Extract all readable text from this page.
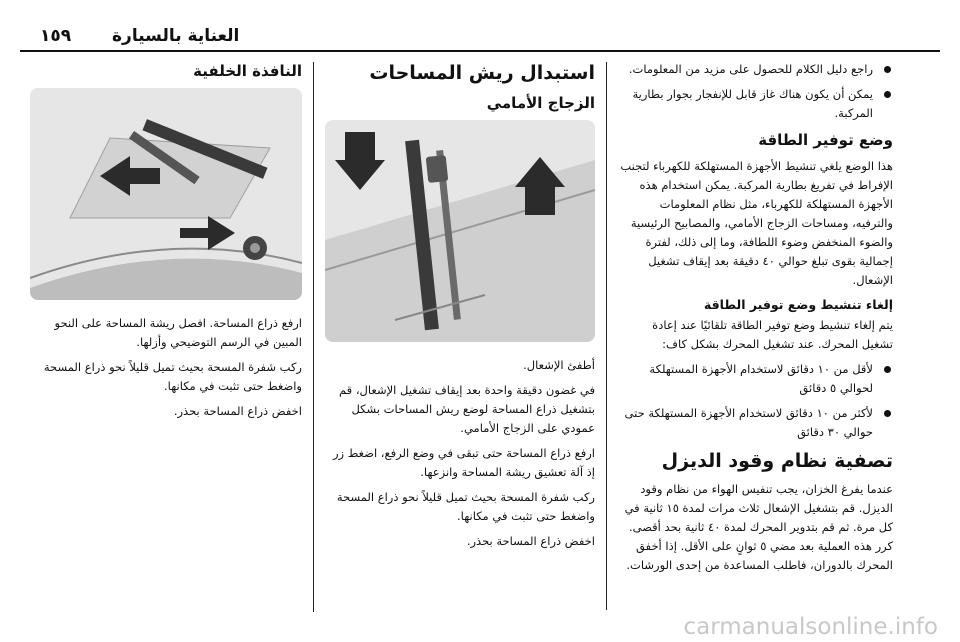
١٥٩ العناية بالسيارة
راجع دليل الكلام للحصول على مزيد من المعلومات.
يمكن أن يكون هناك غاز قابل للإنفجار بجوار بطارية المركبة.
وضع توفير الطاقة

هذا الوضع يلغي تنشيط الأجهزة المستهلكة للكهرباء لتجنب الإفراط في تفريغ بطارية المركبة. يمكن استخدام هذه الأجهزة المستهلكة للكهرباء، مثل نظام المعلومات والترفيه، ومساحات الزجاج الأمامي، والمصابيح الرئيسية والضوء المنخفض وضوء اللطافة، وما إلى ذلك، لفترة إجمالية بقوى تبلغ حوالي ٤٠ دقيقة بعد إيقاف تشغيل الإشعال.

إلغاء تنشيط وضع توفير الطاقة

يتم إلغاء تنشيط وضع توفير الطاقة تلقائيًا عند إعادة تشغيل المحرك. عند تشغيل المحرك بشكل كاف:

لأقل من ١٠ دقائق لاستخدام الأجهزة المستهلكة لحوالي ٥ دقائق
لأكثر من ١٠ دقائق لاستخدام الأجهزة المستهلكة حتى حوالي ٣٠ دقائق
تصفية نظام وقود الديزل

عندما يفرغ الخزان، يجب تنفيس الهواء من نظام وقود الديزل. قم بتشغيل الإشعال ثلاث مرات لمدة ١٥ ثانية في كل مرة. ثم قم بتدوير المحرك لمدة ٤٠ ثانية بحد أقصى. كرر هذه العملية بعد مضي ٥ ثوانٍ على الأقل. إذا أخفق المحرك بالدوران، فاطلب المساعدة من إحدى الورشات.

استبدال ريش المساحات
الزجاج الأمامي

أطفئ الإشعال.

في غضون دقيقة واحدة بعد إيقاف تشغيل الإشعال، قم بتشغيل ذراع المساحة لوضع ريش المساحات بشكل عمودي على الزجاج الأمامي.

ارفع ذراع المساحة حتى تبقى في وضع الرفع، اضغط زر إذ آلة تعشيق ريشة المساحة وانزعها.

ركب شفرة المسحة بحيث تميل قليلاً نحو ذراع المسحة واضغط حتى تثبت في مكانها.

اخفض ذراع المساحة بحذر.

النافذة الخلفية

ارفع ذراع المساحة. افصل ريشة المساحة على النحو المبين في الرسم التوضيحي وأزلها.

ركب شفرة المسحة بحيث تميل قليلاً نحو ذراع المسحة واضغط حتى تثبت في مكانها.

اخفض ذراع المساحة بحذر.

carmanualsonline.info
